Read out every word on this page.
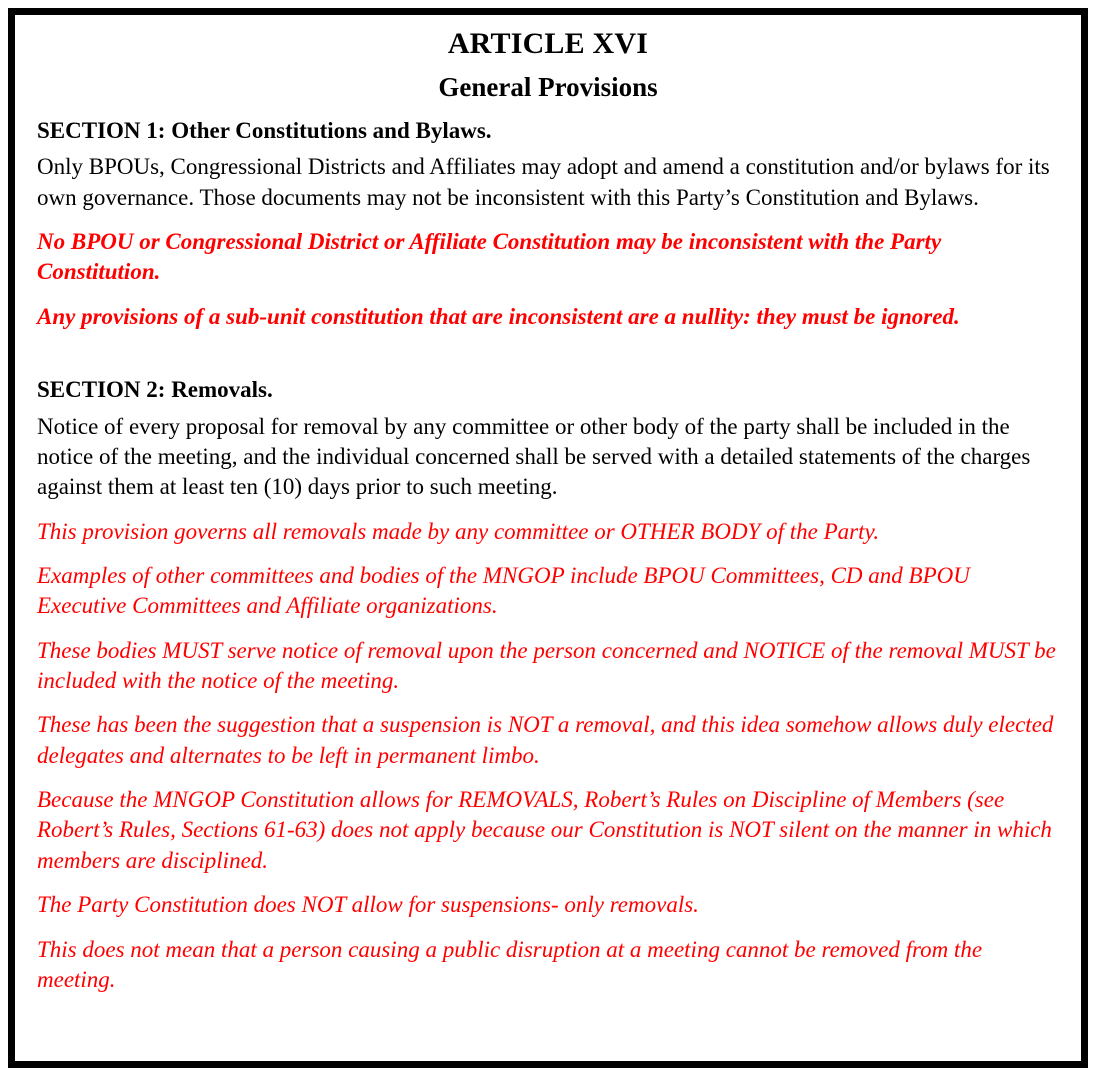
ARTICLE XVI
General Provisions
SECTION 1: Other Constitutions and Bylaws.
Only BPOUs, Congressional Districts and Affiliates may adopt and amend a constitution and/or bylaws for its own governance. Those documents may not be inconsistent with this Party’s Constitution and Bylaws.
No BPOU or Congressional District or Affiliate Constitution may be inconsistent with the Party Constitution.
Any provisions of a sub-unit constitution that are inconsistent are a nullity: they must be ignored.
SECTION 2: Removals.
Notice of every proposal for removal by any committee or other body of the party shall be included in the notice of the meeting, and the individual concerned shall be served with a detailed statements of the charges against them at least ten (10) days prior to such meeting.
This provision governs all removals made by any committee or OTHER BODY of the Party.
Examples of other committees and bodies of the MNGOP include BPOU Committees, CD and BPOU Executive Committees and Affiliate organizations.
These bodies MUST serve notice of removal upon the person concerned and NOTICE of the removal MUST be included with the notice of the meeting.
These has been the suggestion that a suspension is NOT a removal, and this idea somehow allows duly elected delegates and alternates to be left in permanent limbo.
Because the MNGOP Constitution allows for REMOVALS, Robert’s Rules on Discipline of Members (see Robert’s Rules, Sections 61-63) does not apply because our Constitution is NOT silent on the manner in which members are disciplined.
The Party Constitution does NOT allow for suspensions- only removals.
This does not mean that a person causing a public disruption at a meeting cannot be removed from the meeting.
